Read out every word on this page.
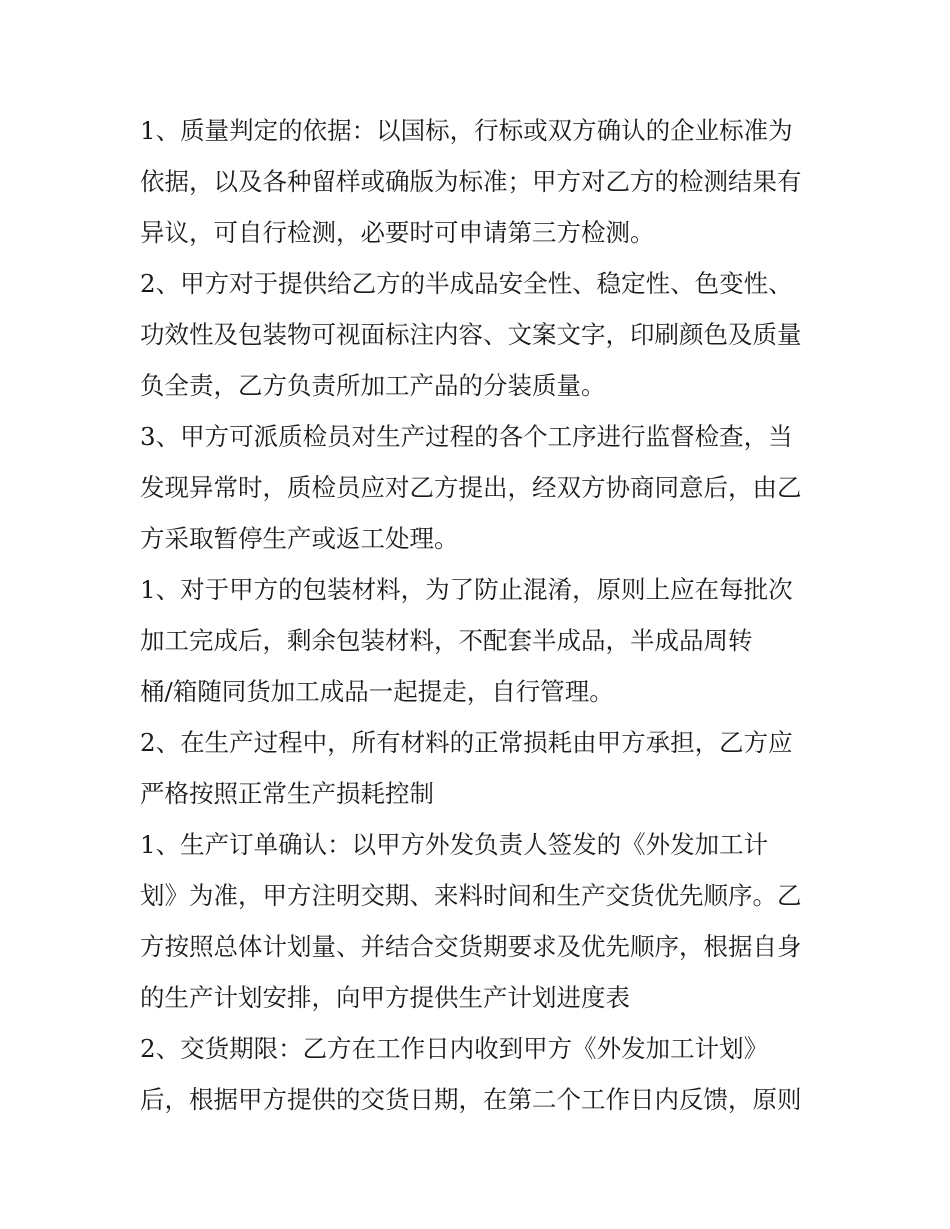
1、质量判定的依据：以国标，行标或双方确认的企业标准为
依据，以及各种留样或确版为标准；甲方对乙方的检测结果有
异议，可自行检测，必要时可申请第三方检测。

2、甲方对于提供给乙方的半成品安全性、稳定性、色变性、
功效性及包装物可视面标注内容、文案文字，印刷颜色及质量
负全责，乙方负责所加工产品的分装质量。

3、甲方可派质检员对生产过程的各个工序进行监督检查，当
发现异常时，质检员应对乙方提出，经双方协商同意后，由乙
方采取暂停生产或返工处理。

1、对于甲方的包装材料，为了防止混淆，原则上应在每批次
加工完成后，剩余包装材料，不配套半成品，半成品周转
桶/箱随同货加工成品一起提走，自行管理。

2、在生产过程中，所有材料的正常损耗由甲方承担，乙方应
严格按照正常生产损耗控制

1、生产订单确认：以甲方外发负责人签发的《外发加工计
划》为准，甲方注明交期、来料时间和生产交货优先顺序。乙
方按照总体计划量、并结合交货期要求及优先顺序，根据自身
的生产计划安排，向甲方提供生产计划进度表

2、交货期限：乙方在工作日内收到甲方《外发加工计划》
后，根据甲方提供的交货日期，在第二个工作日内反馈，原则
